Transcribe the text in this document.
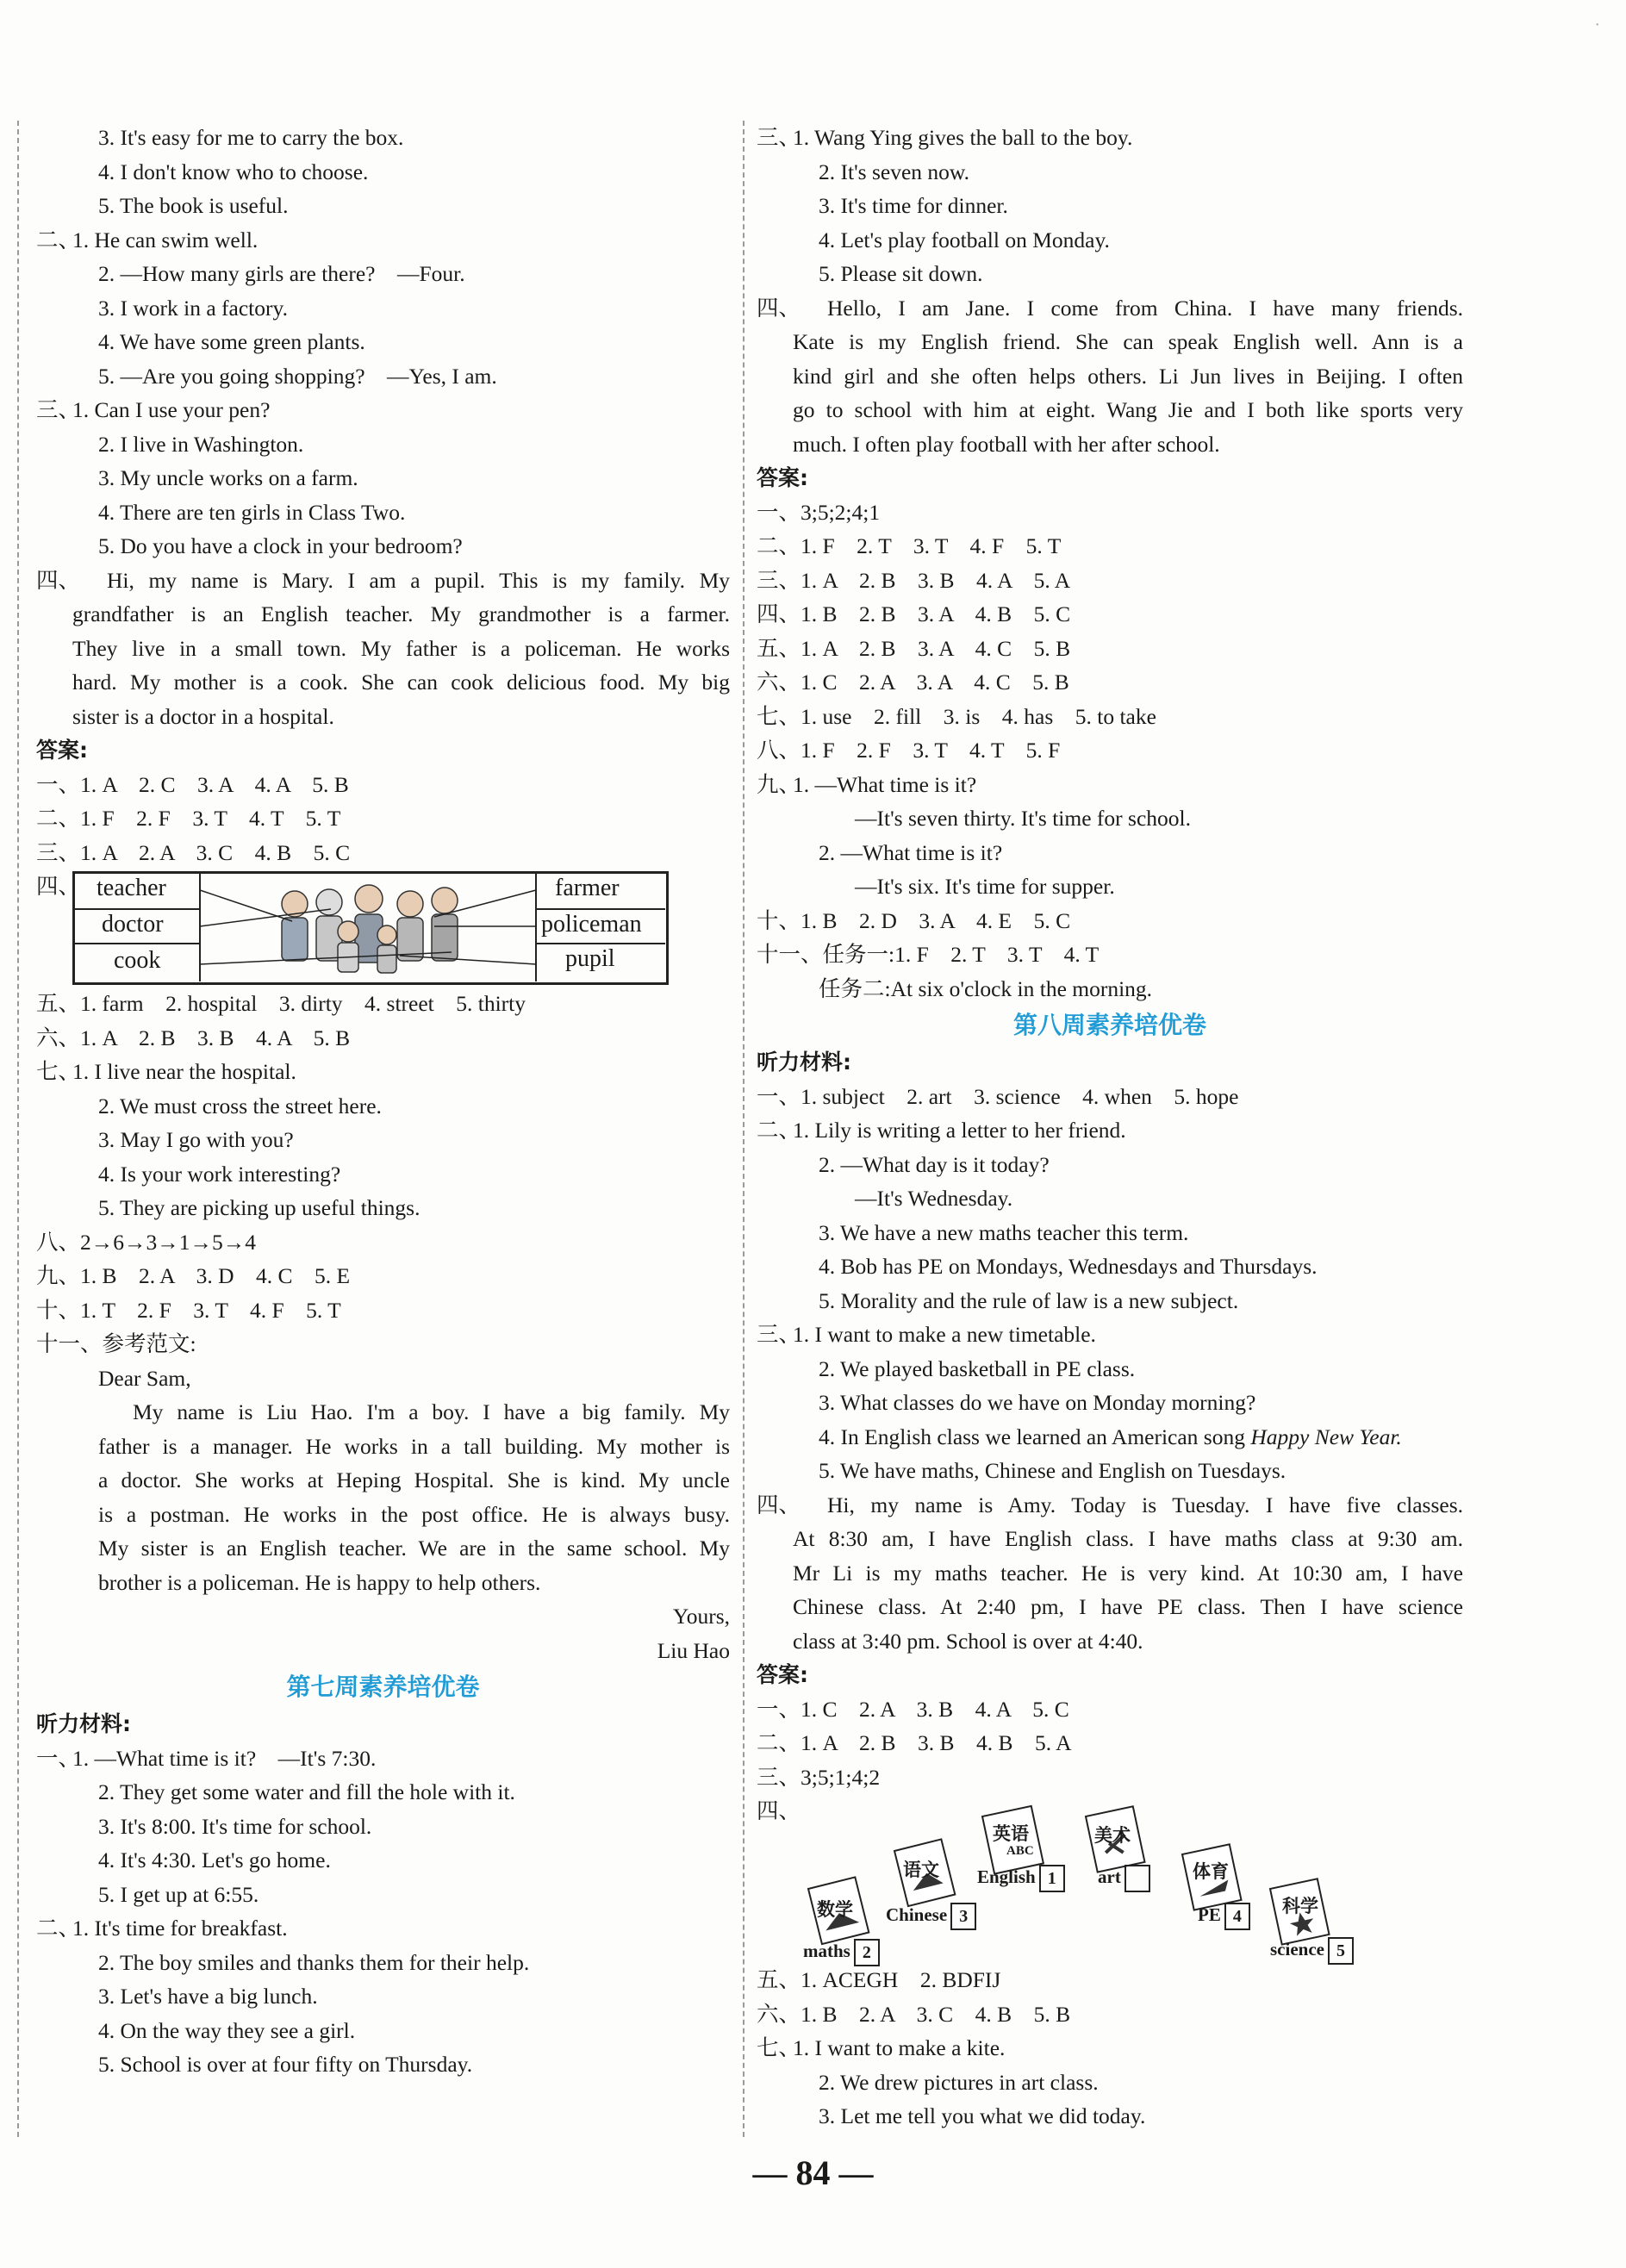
·
3. It's easy for me to carry the box.
4. I don't know who to choose.
5. The book is useful.
二、
1. He can swim well.
2. —How many girls are there?　—Four.
3. I work in a factory.
4. We have some green plants.
5. —Are you going shopping?　—Yes, I am.
三、
1. Can I use your pen?
2. I live in Washington.
3. My uncle works on a farm.
4. There are ten girls in Class Two.
5. Do you have a clock in your bedroom?
四、	Hi, my name is Mary. I am a pupil. This is my family. My
grandfather is an English teacher. My grandmother is a farmer.
They live in a small town. My father is a policeman. He works
hard. My mother is a cook. She can cook delicious food. My big
sister is a doctor in a hospital.
答案:
一、1. A　2. C　3. A　4. A　5. B
二、1. F　2. F　3. T　4. T　5. T
三、1. A　2. A　3. C　4. B　5. C
四、 teacher
doctor
cook
farmer
policeman
pupil
五、1. farm　2. hospital　3. dirty　4. street　5. thirty
六、1. A　2. B　3. B　4. A　5. B
七、
1. I live near the hospital.
2. We must cross the street here.
3. May I go with you?
4. Is your work interesting?
5. They are picking up useful things.
八、2→6→3→1→5→4
九、1. B　2. A　3. D　4. C　5. E
十、1. T　2. F　3. T　4. F　5. T
十一、参考范文:
Dear Sam,
My name is Liu Hao. I'm a boy. I have a big family. My
father is a manager. He works in a tall building. My mother is
a doctor. She works at Heping Hospital. She is kind. My uncle
is a postman. He works in the post office. He is always busy.
My sister is an English teacher. We are in the same school. My
brother is a policeman. He is happy to help others.
Yours,
Liu Hao
第七周素养培优卷
听力材料:
一、
1. —What time is it?　—It's 7:30.
2. They get some water and fill the hole with it.
3. It's 8:00. It's time for school.
4. It's 4:30. Let's go home.
5. I get up at 6:55.
二、
1. It's time for breakfast.
2. The boy smiles and thanks them for their help.
3. Let's have a big lunch.
4. On the way they see a girl.
5. School is over at four fifty on Thursday.
三、
1. Wang Ying gives the ball to the boy.
2. It's seven now.
3. It's time for dinner.
4. Let's play football on Monday.
5. Please sit down.
四、	Hello, I am Jane. I come from China. I have many friends.
Kate is my English friend. She can speak English well. Ann is a
kind girl and she often helps others. Li Jun lives in Beijing. I often
go to school with him at eight. Wang Jie and I both like sports very
much. I often play football with her after school.
答案:
一、3;5;2;4;1
二、1. F　2. T　3. T　4. F　5. T
三、1. A　2. B　3. B　4. A　5. A
四、1. B　2. B　3. A　4. B　5. C
五、1. A　2. B　3. A　4. C　5. B
六、1. C　2. A　3. A　4. C　5. B
七、1. use　2. fill　3. is　4. has　5. to take
八、1. F　2. F　3. T　4. T　5. F
九、
1. —What time is it?
—It's seven thirty. It's time for school.
2. —What time is it?
—It's six. It's time for supper.
十、1. B　2. D　3. A　4. E　5. C
十一、任务一:1. F　2. T　3. T　4. T
任务二:At six o'clock in the morning.
第八周素养培优卷
听力材料:
一、1. subject　2. art　3. science　4. when　5. hope
二、
1. Lily is writing a letter to her friend.
2. —What day is it today?
—It's Wednesday.
3. We have a new maths teacher this term.
4. Bob has PE on Mondays, Wednesdays and Thursdays.
5. Morality and the rule of law is a new subject.
三、
1. I want to make a new timetable.
2. We played basketball in PE class.
3. What classes do we have on Monday morning?
4. In English class we learned an American song Happy New Year.
5. We have maths, Chinese and English on Tuesdays.
四、	Hi, my name is Amy. Today is Tuesday. I have five classes.
At 8:30 am, I have English class. I have maths class at 9:30 am.
Mr Li is my maths teacher. He is very kind. At 10:30 am, I have
Chinese class. At 2:40 pm, I have PE class. Then I have science
class at 3:40 pm. School is over at 4:40.
答案:
一、1. C　2. A　3. B　4. A　5. C
二、1. A　2. B　3. B　4. B　5. A
三、3;5;1;4;2
四、
数学
语文
英语
ABC
美术
体育
科学
maths 2
Chinese 3
English 1	art
PE 4
science 5
五、1. ACEGH　2. BDFIJ
六、1. B　2. A　3. C　4. B　5. B
七、
1. I want to make a kite.
2. We drew pictures in art class.
3. Let me tell you what we did today.
— 84 —
